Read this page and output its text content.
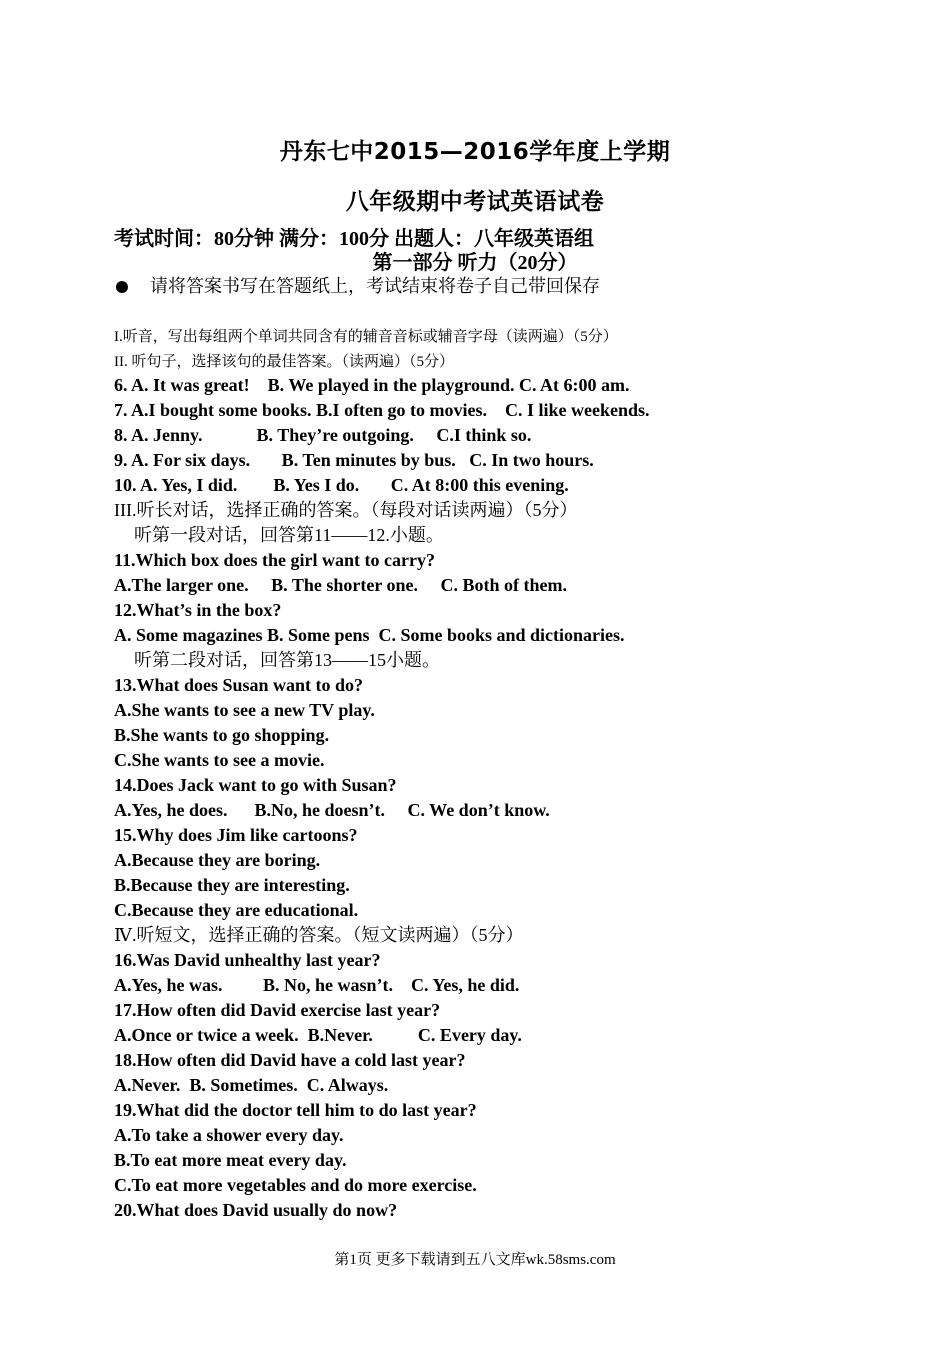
丹东七中2015—2016学年度上学期
八年级期中考试英语试卷
考试时间：80分钟 满分：100分 出题人：八年级英语组
第一部分 听力（20分）
请将答案书写在答题纸上，考试结束将卷子自己带回保存
I.听音，写出每组两个单词共同含有的辅音音标或辅音字母（读两遍）（5分）
II. 听句子，选择该句的最佳答案。（读两遍）（5分）
6. A. It was great!    B. We played in the playground. C. At 6:00 am.
7. A.I bought some books. B.I often go to movies.    C. I like weekends.
8. A. Jenny.            B. They’re outgoing.     C.I think so.
9. A. For six days.       B. Ten minutes by bus.   C. In two hours.
10. A. Yes, I did.        B. Yes I do.       C. At 8:00 this evening.
III.听长对话，选择正确的答案。（每段对话读两遍）（5分）
听第一段对话，回答第11——12.小题。
11.Which box does the girl want to carry?
A.The larger one.     B. The shorter one.     C. Both of them.
12.What’s in the box?
A. Some magazines B. Some pens  C. Some books and dictionaries.
听第二段对话，回答第13——15小题。
13.What does Susan want to do?
A.She wants to see a new TV play.
B.She wants to go shopping.
C.She wants to see a movie.
14.Does Jack want to go with Susan?
A.Yes, he does.      B.No, he doesn’t.     C. We don’t know.
15.Why does Jim like cartoons?
A.Because they are boring.
B.Because they are interesting.
C.Because they are educational.
Ⅳ.听短文，选择正确的答案。（短文读两遍）（5分）
16.Was David unhealthy last year?
A.Yes, he was.         B. No, he wasn’t.    C. Yes, he did.
17.How often did David exercise last year?
A.Once or twice a week.  B.Never.          C. Every day.
18.How often did David have a cold last year?
A.Never.  B. Sometimes.  C. Always.
19.What did the doctor tell him to do last year?
A.To take a shower every day.
B.To eat more meat every day.
C.To eat more vegetables and do more exercise.
20.What does David usually do now?
第1页 更多下载请到五八文库wk.58sms.com
